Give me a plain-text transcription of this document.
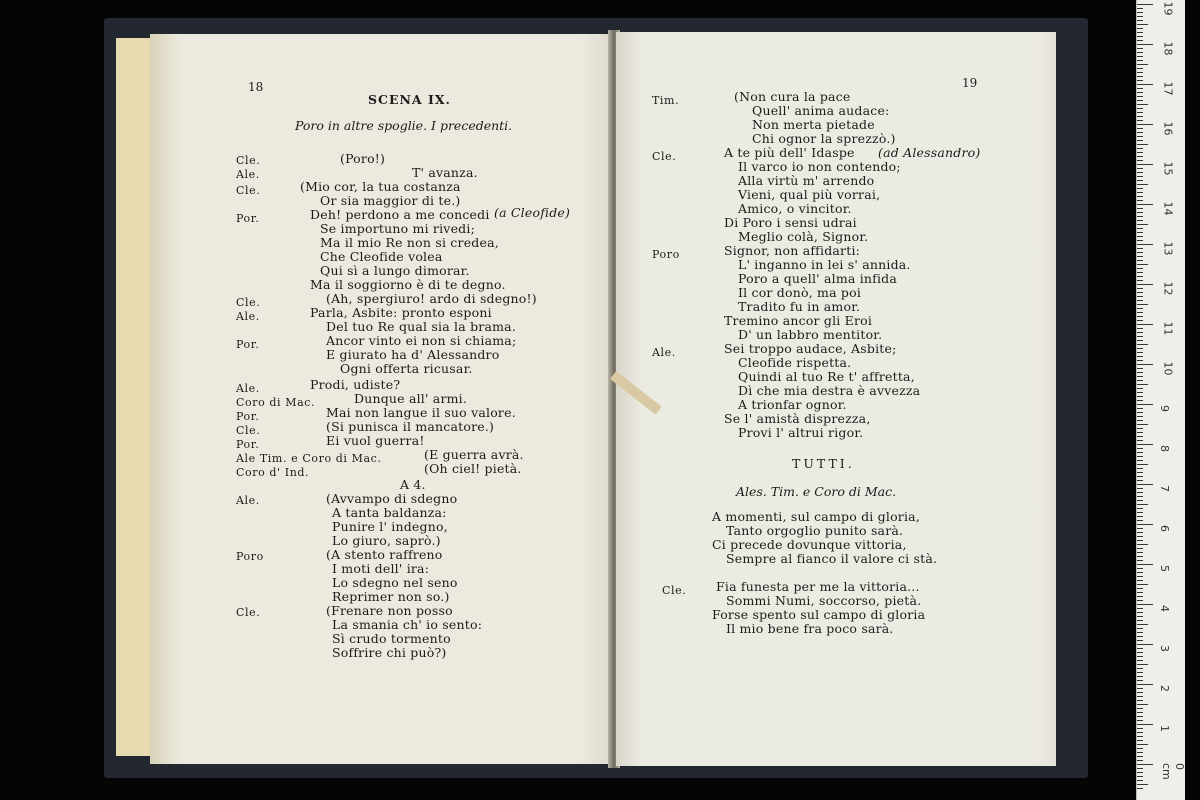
18
SCENA IX.
Poro in altre spoglie. I precedenti.
Cle.
Ale.
Cle.
Por.
Cle.
Ale.
Por.
Ale.
Coro di Mac.
Por.
Cle.
Por.
Ale Tim. e Coro di Mac.
Coro d' Ind.
Ale.
Poro
Cle.
(Poro!)
T' avanza.
(Mio cor, la tua costanza
Or sia maggior di te.)
Deh! perdono a me concedi (a Cleofide)
Se importuno mi rivedi;
Ma il mio Re non si credea,
Che Cleofide volea
Qui sì a lungo dimorar.
Ma il soggiorno è di te degno.
(Ah, spergiuro! ardo di sdegno!)
Parla, Asbite: pronto esponi
Del tuo Re qual sia la brama.
Ancor vinto ei non si chiama;
E giurato ha d' Alessandro
Ogni offerta ricusar.
Prodi, udiste?
Dunque all' armi.
Mai non langue il suo valore.
(Si punisca il mancatore.)
Ei vuol guerra!
(E guerra avrà.
(Oh ciel! pietà.
A 4.
(Avvampo di sdegno
A tanta baldanza:
Punire l' indegno,
Lo giuro, saprò.)
(A stento raffreno
I moti dell' ira:
Lo sdegno nel seno
Reprimer non so.)
(Frenare non posso
La smania ch' io sento:
Sì crudo tormento
Soffrire chi può?)
19
Tim.
Cle.
Poro
Ale.
(Non cura la pace
Quell' anima audace:
Non merta pietade
Chi ognor la sprezzò.)
A te più dell' Idaspe (ad Alessandro)
Il varco io non contendo;
Alla virtù m' arrendo
Vieni, qual più vorrai,
Amico, o vincitor.
Di Poro i sensi udrai
Meglio colà, Signor.
Signor, non affidarti:
L' inganno in lei s' annida.
Poro a quell' alma infida
Il cor donò, ma poi
Tradito fu in amor.
Tremino ancor gli Eroi
D' un labbro mentitor.
Sei troppo audace, Asbite;
Cleofide rispetta.
Quindi al tuo Re t' affretta,
Dì che mia destra è avvezza
A trionfar ognor.
Se l' amistà disprezza,
Provi l' altrui rigor.
TUTTI.
Ales. Tim. e Coro di Mac.
A momenti, sul campo di gloria,
Tanto orgoglio punito sarà.
Ci precede dovunque vittoria,
Sempre al fianco il valore ci stà.
Cle. Fia funesta per me la vittoria...
Sommi Numi, soccorso, pietà.
Forse spento sul campo di gloria
Il mio bene fra poco sarà.
19
18
17
16
15
14
13
12
11
10
9
8
7
6
5
4
3
2
1
0 cm
